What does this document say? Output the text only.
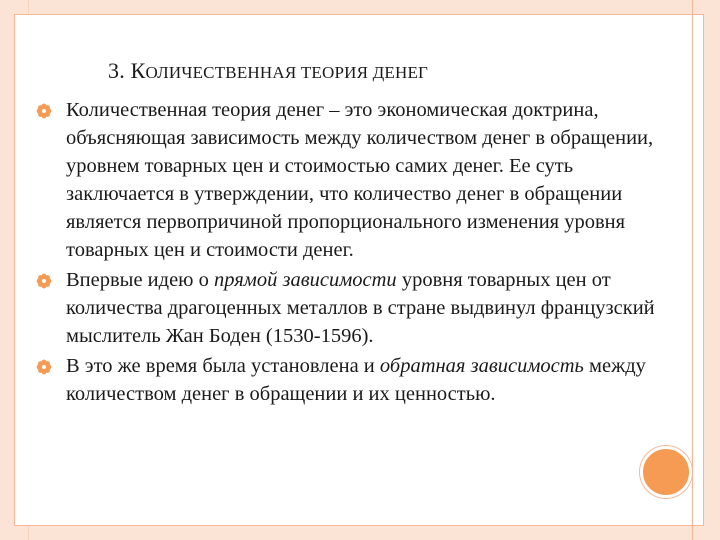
3. КОЛИЧЕСТВЕННАЯ ТЕОРИЯ ДЕНЕГ
Количественная теория денег – это экономическая доктрина, объясняющая зависимость между количеством денег в обращении, уровнем товарных цен и стоимостью самих денег. Ее суть заключается в утверждении, что количество денег в обращении является первопричиной пропорционального изменения уровня товарных цен и стоимости денег.
Впервые идею о прямой зависимости уровня товарных цен от количества драгоценных металлов в стране выдвинул французский мыслитель Жан Боден (1530-1596).
В это же время была установлена и обратная зависимость между количеством денег в обращении и их ценностью.
